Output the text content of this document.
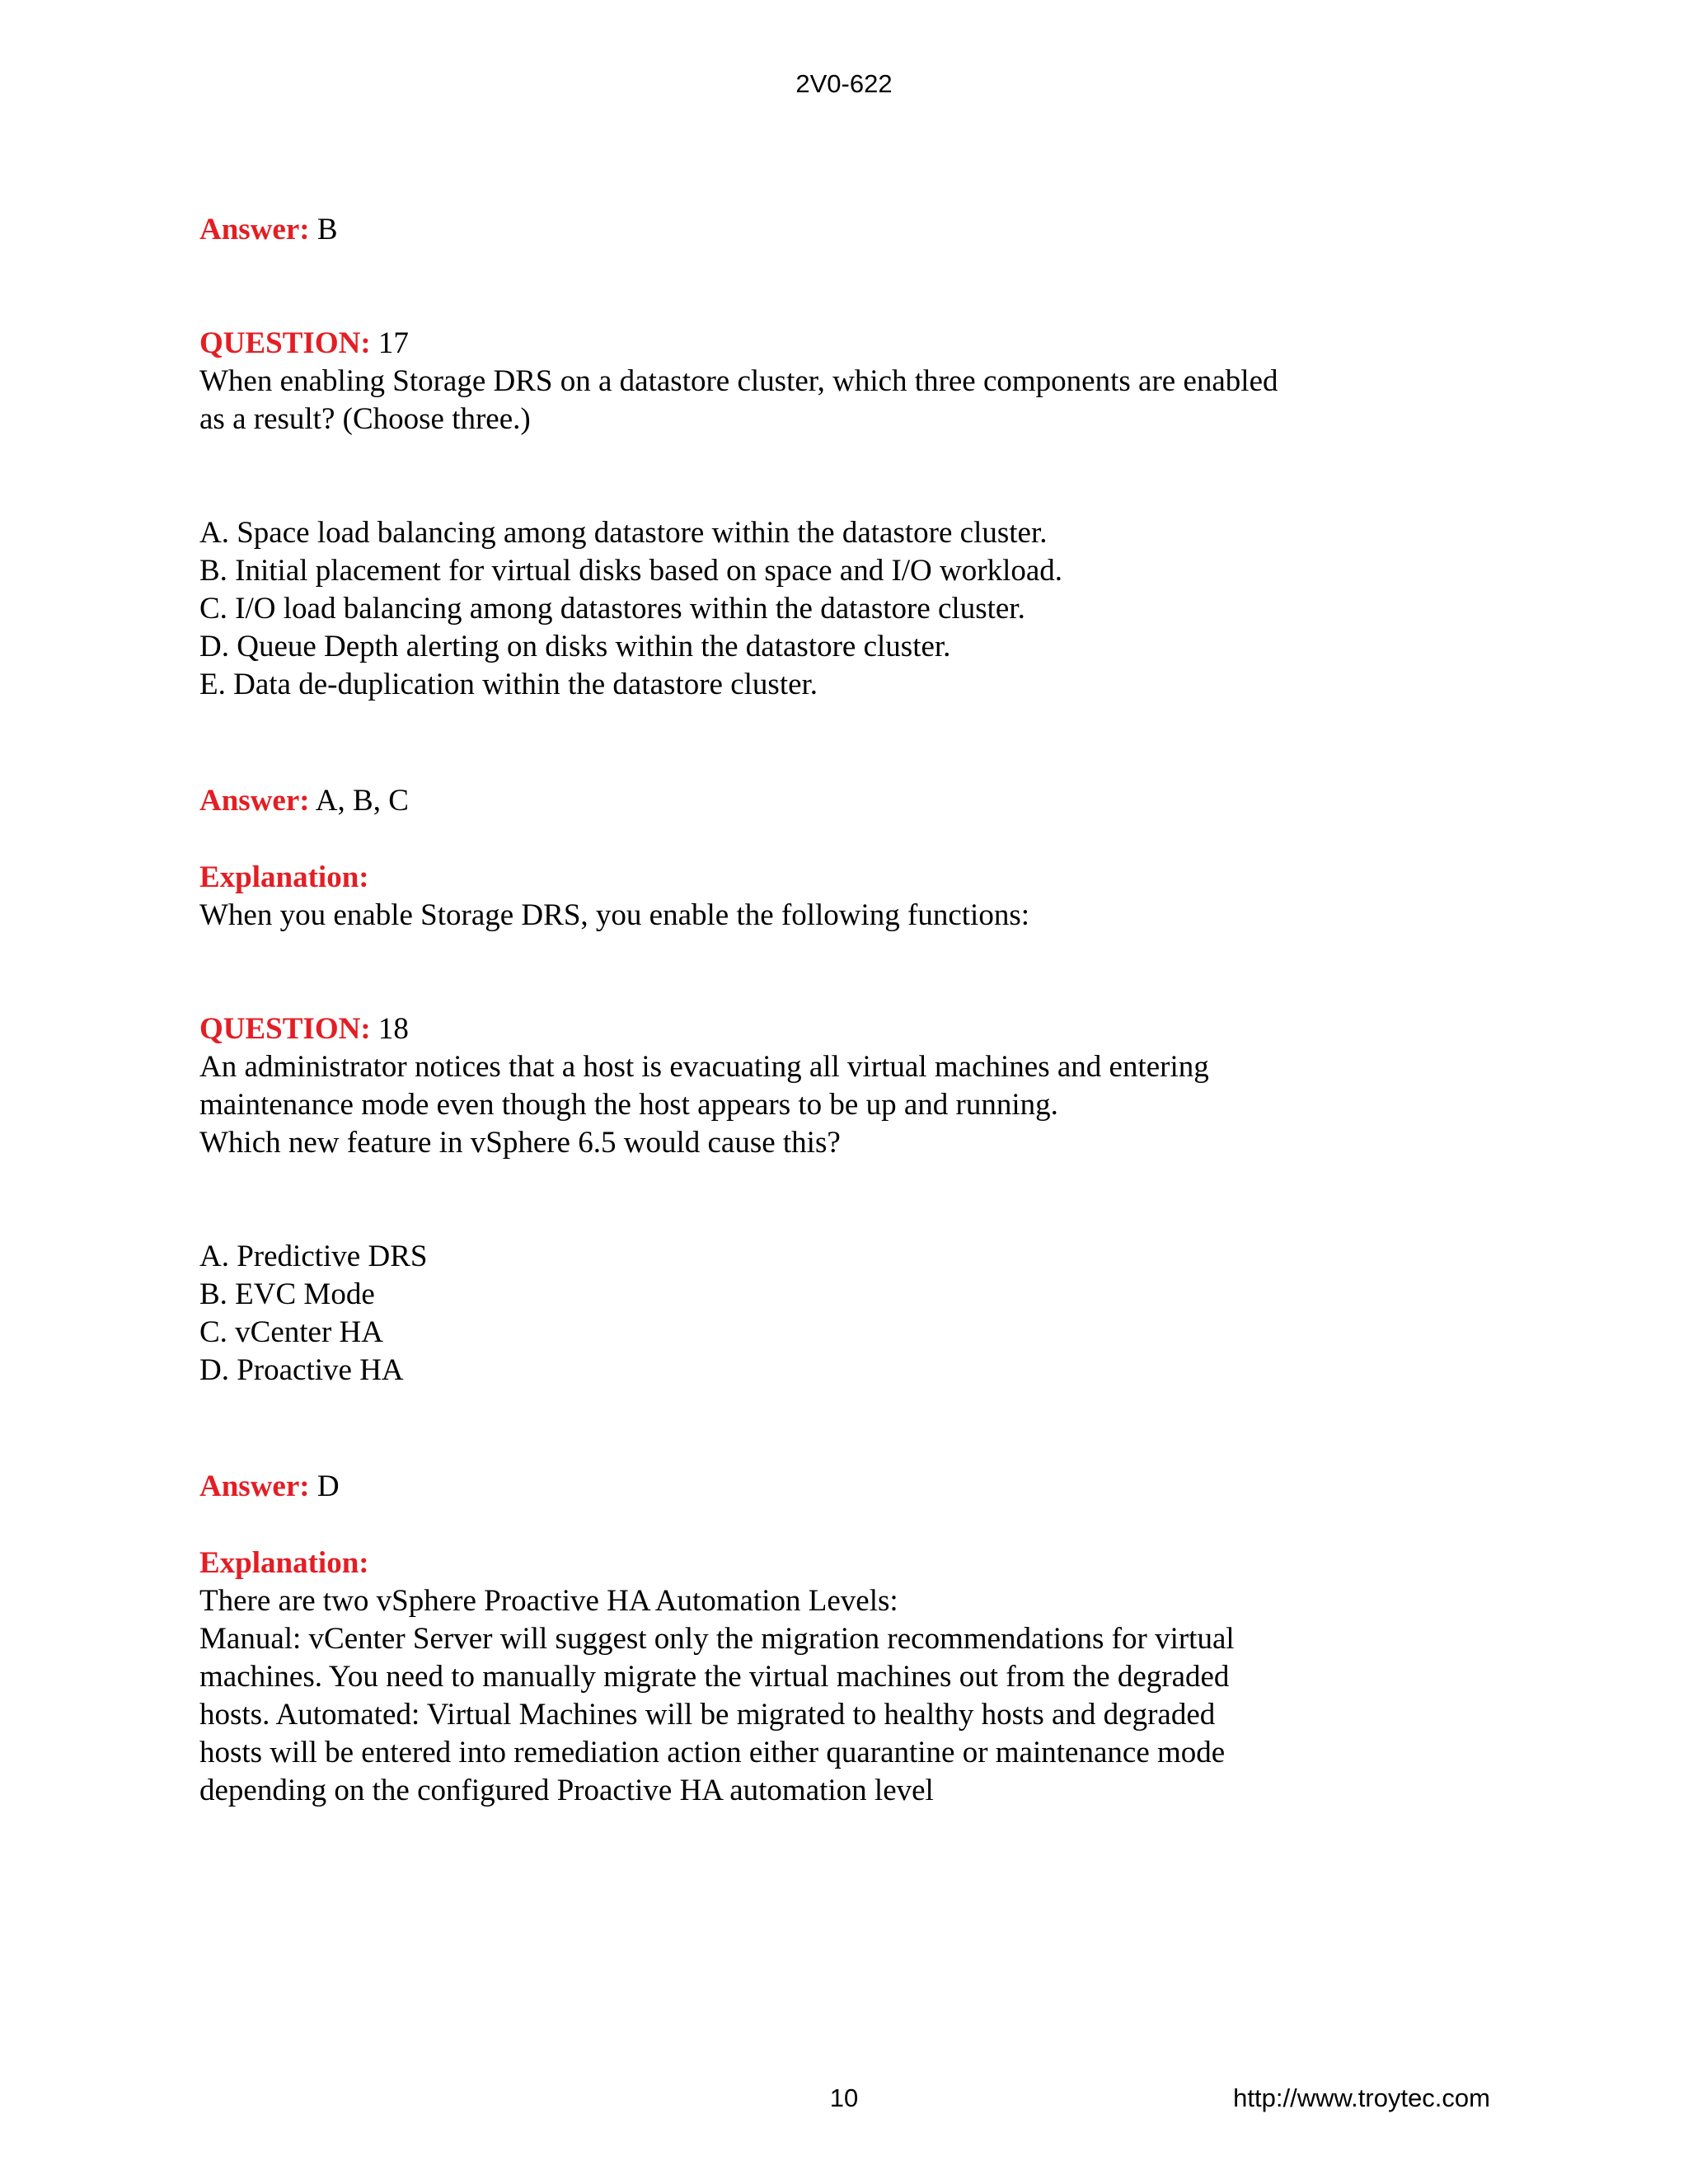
2V0-622
Answer: B
QUESTION: 17
When enabling Storage DRS on a datastore cluster, which three components are enabled
as a result? (Choose three.)
A. Space load balancing among datastore within the datastore cluster.
B. Initial placement for virtual disks based on space and I/O workload.
C. I/O load balancing among datastores within the datastore cluster.
D. Queue Depth alerting on disks within the datastore cluster.
E. Data de-duplication within the datastore cluster.
Answer: A, B, C
Explanation:
When you enable Storage DRS, you enable the following functions:
QUESTION: 18
An administrator notices that a host is evacuating all virtual machines and entering
maintenance mode even though the host appears to be up and running.
Which new feature in vSphere 6.5 would cause this?
A. Predictive DRS
B. EVC Mode
C. vCenter HA
D. Proactive HA
Answer: D
Explanation:
There are two vSphere Proactive HA Automation Levels:
Manual: vCenter Server will suggest only the migration recommendations for virtual
machines. You need to manually migrate the virtual machines out from the degraded
hosts. Automated: Virtual Machines will be migrated to healthy hosts and degraded
hosts will be entered into remediation action either quarantine or maintenance mode
depending on the configured Proactive HA automation level
10	http://www.troytec.com
